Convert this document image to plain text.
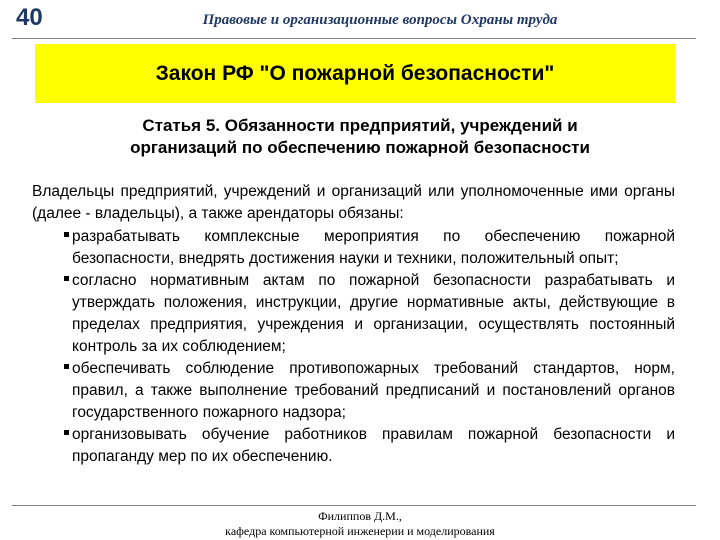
40	Правовые и организационные вопросы Охраны труда
Закон РФ "О пожарной безопасности"
Статья 5. Обязанности предприятий, учреждений и
организаций по обеспечению пожарной безопасности
Владельцы предприятий, учреждений и организаций или уполномоченные ими органы (далее - владельцы), а также арендаторы обязаны:
разрабатывать комплексные мероприятия по обеспечению пожарной безопасности, внедрять достижения науки и техники, положительный опыт;
согласно нормативным актам по пожарной безопасности разрабатывать и утверждать положения, инструкции, другие нормативные акты, действующие в пределах предприятия, учреждения и организации, осуществлять постоянный контроль за их соблюдением;
обеспечивать соблюдение противопожарных требований стандартов, норм, правил, а также выполнение требований предписаний и постановлений органов государственного пожарного надзора;
организовывать обучение работников правилам пожарной безопасности и пропаганду мер по их обеспечению.
Филиппов Д.М.,
кафедра компьютерной инженерии и моделирования
